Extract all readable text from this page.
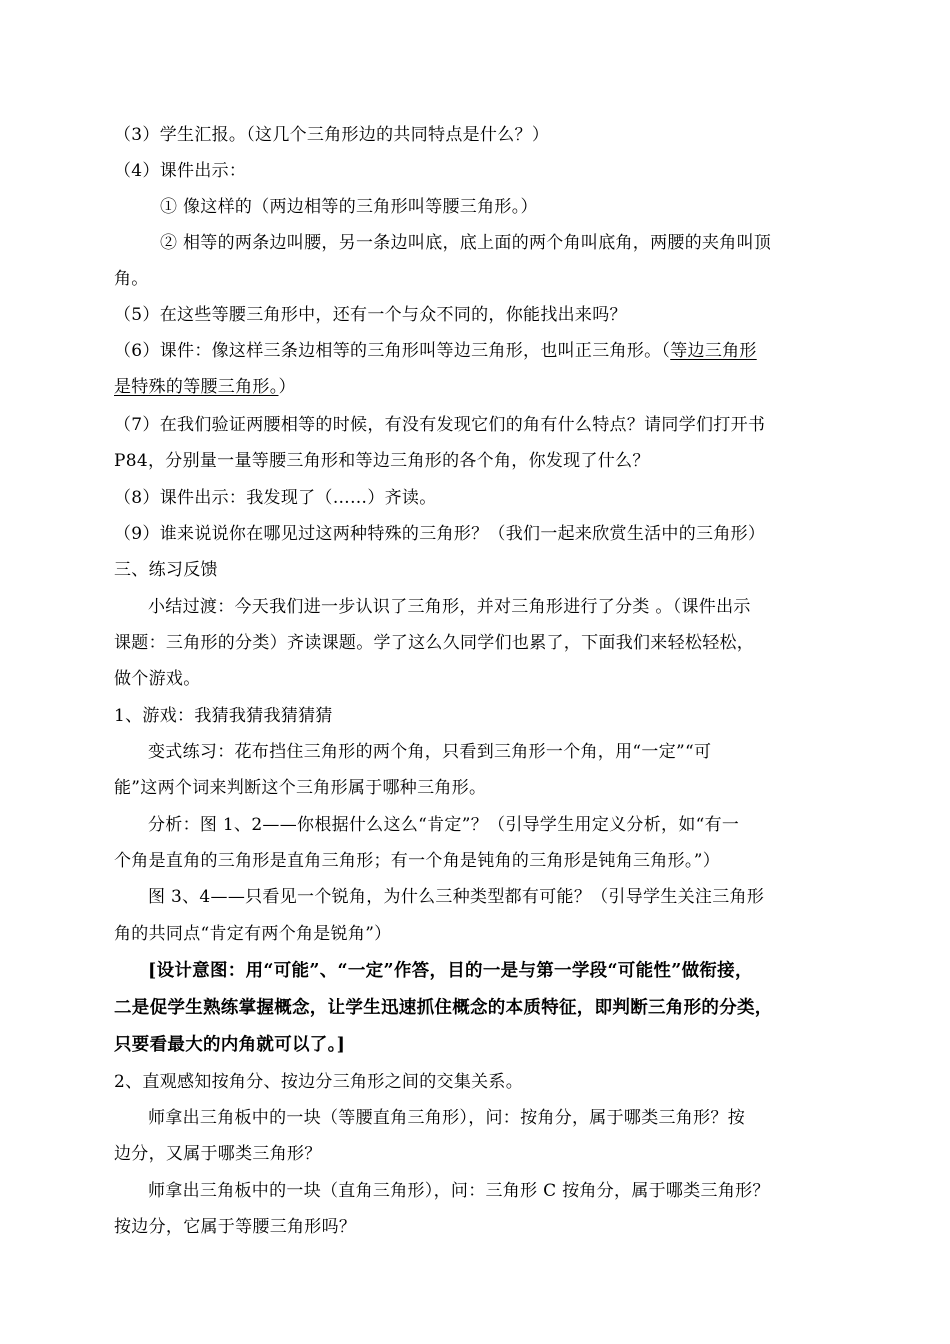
（3）学生汇报。（这几个三角形边的共同特点是什么？）
（4）课件出示：
① 像这样的（两边相等的三角形叫等腰三角形。）
② 相等的两条边叫腰，另一条边叫底，底上面的两个角叫底角，两腰的夹角叫顶
角。
（5）在这些等腰三角形中，还有一个与众不同的，你能找出来吗？
（6）课件：像这样三条边相等的三角形叫等边三角形，也叫正三角形。（等边三角形
是特殊的等腰三角形。）
（7）在我们验证两腰相等的时候，有没有发现它们的角有什么特点？请同学们打开书
P84，分别量一量等腰三角形和等边三角形的各个角，你发现了什么？
（8）课件出示：我发现了（……）齐读。
（9）谁来说说你在哪见过这两种特殊的三角形？（我们一起来欣赏生活中的三角形）
三、练习反馈
小结过渡：今天我们进一步认识了三角形，并对三角形进行了分类 。（课件出示
课题：三角形的分类）齐读课题。学了这么久同学们也累了，下面我们来轻松轻松，
做个游戏。
1、游戏：我猜我猜我猜猜猜
变式练习：花布挡住三角形的两个角，只看到三角形一个角，用“一定”“可
能”这两个词来判断这个三角形属于哪种三角形。
分析：图 1、2——你根据什么这么“肯定”？（引导学生用定义分析，如“有一
个角是直角的三角形是直角三角形；有一个角是钝角的三角形是钝角三角形。”）
图 3、4——只看见一个锐角，为什么三种类型都有可能？（引导学生关注三角形
角的共同点“肯定有两个角是锐角”）
[设计意图：用“可能”、“一定”作答，目的一是与第一学段“可能性”做衔接，
二是促学生熟练掌握概念，让学生迅速抓住概念的本质特征，即判断三角形的分类，
只要看最大的内角就可以了。]
2、直观感知按角分、按边分三角形之间的交集关系。
师拿出三角板中的一块（等腰直角三角形），问：按角分，属于哪类三角形？按
边分，又属于哪类三角形？
师拿出三角板中的一块（直角三角形），问：三角形 C 按角分，属于哪类三角形？
按边分，它属于等腰三角形吗？
